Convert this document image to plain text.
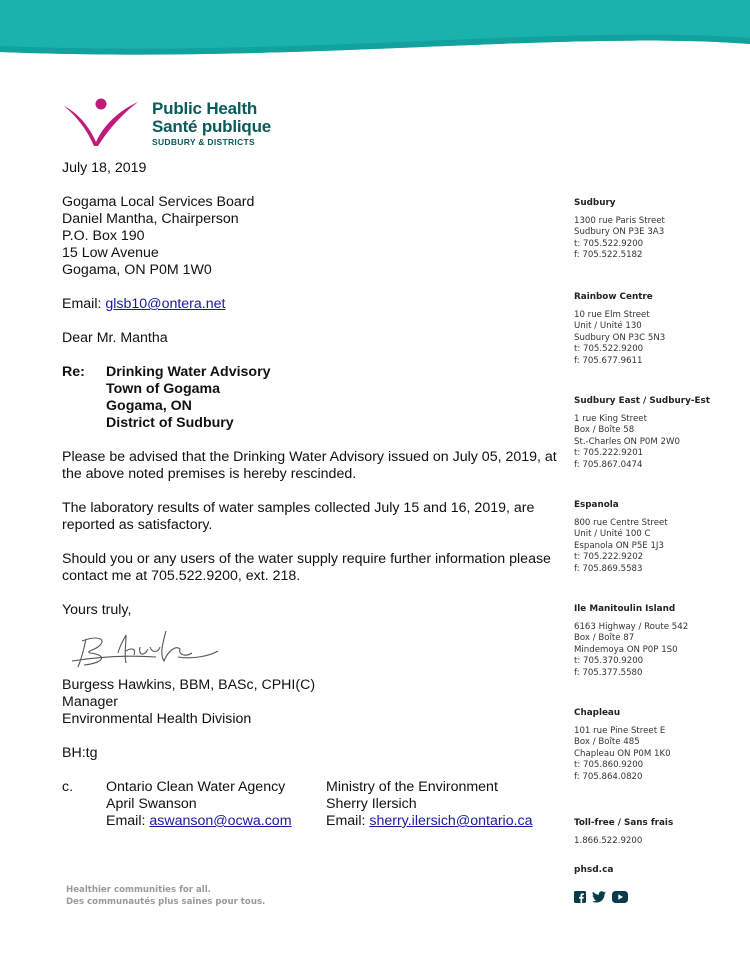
Public Health
Santé publique
SUDBURY & DISTRICTS

July 18, 2019

Gogama Local Services Board

Daniel Mantha, Chairperson

P.O. Box 190

15 Low Avenue

Gogama, ON P0M 1W0

Email: glsb10@ontera.net

Dear Mr. Mantha

Re:	Drinking Water Advisory

Town of Gogama

Gogama, ON

District of Sudbury

Please be advised that the Drinking Water Advisory issued on July 05, 2019, at the above noted premises is hereby rescinded.

The laboratory results of water samples collected July 15 and 16, 2019, are reported as satisfactory.

Should you or any users of the water supply require further information please contact me at 705.522.9200, ext. 218.

Yours truly,

Burgess Hawkins, BBM, BASc, CPHI(C)

Manager

Environmental Health Division

BH:tg

c.	Ontario Clean Water Agency

April Swanson

Email: aswanson@ocwa.com

Ministry of the Environment

Sherry Ilersich

Email: sherry.ilersich@ontario.ca

Sudbury
1300 rue Paris Street
Sudbury ON P3E 3A3
t: 705.522.9200
f: 705.522.5182
Rainbow Centre
10 rue Elm Street
Unit / Unité 130
Sudbury ON P3C 5N3
t: 705.522.9200
f: 705.677.9611
Sudbury East / Sudbury-Est
1 rue King Street
Box / Boîte 58
St.-Charles ON P0M 2W0
t: 705.222.9201
f: 705.867.0474
Espanola
800 rue Centre Street
Unit / Unité 100 C
Espanola ON P5E 1J3
t: 705.222.9202
f: 705.869.5583
Île Manitoulin Island
6163 Highway / Route 542
Box / Boîte 87
Mindemoya ON P0P 1S0
t: 705.370.9200
f: 705.377.5580
Chapleau
101 rue Pine Street E
Box / Boîte 485
Chapleau ON P0M 1K0
t: 705.860.9200
f: 705.864.0820
Toll-free / Sans frais
1.866.522.9200
phsd.ca
Healthier communities for all.
Des communautés plus saines pour tous.
